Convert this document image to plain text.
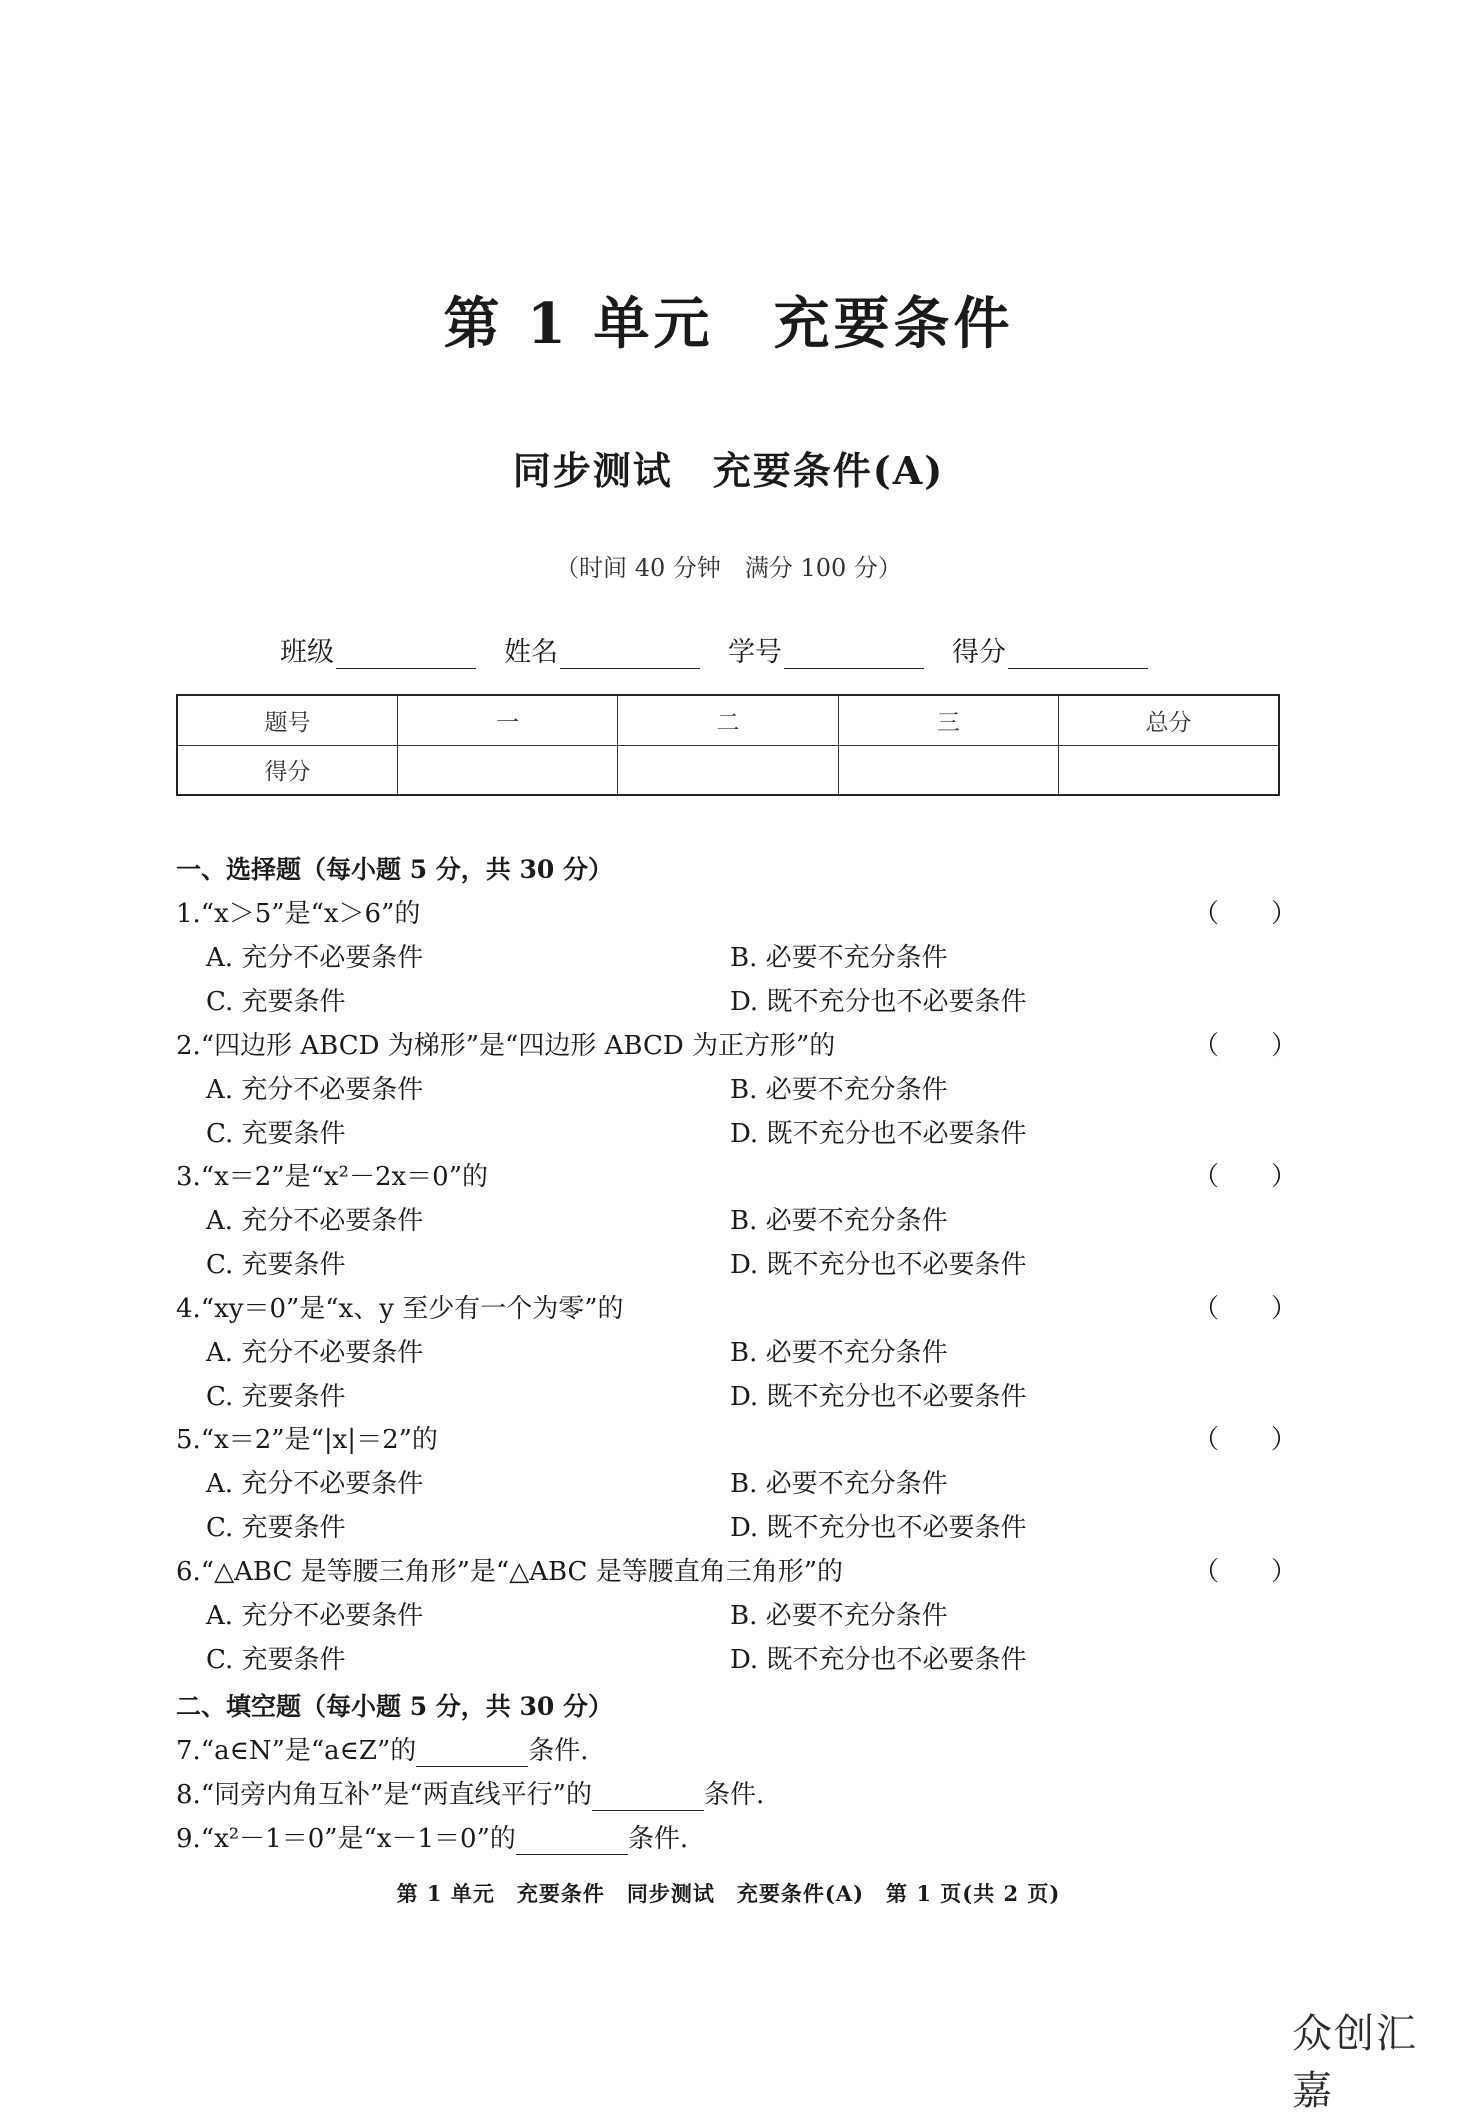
第 1 单元　充要条件
同步测试　充要条件(A)
（时间 40 分钟　满分 100 分）
班级	姓名	学号	得分
题号	一	二	三	总分
得分				
一、选择题（每小题 5 分，共 30 分）
1.“x＞5”是“x＞6”的	（　　）
A. 充分不必要条件	B. 必要不充分条件
C. 充要条件	D. 既不充分也不必要条件
2.“四边形 ABCD 为梯形”是“四边形 ABCD 为正方形”的	（　　）
A. 充分不必要条件	B. 必要不充分条件
C. 充要条件	D. 既不充分也不必要条件
3.“x＝2”是“x²－2x＝0”的	（　　）
A. 充分不必要条件	B. 必要不充分条件
C. 充要条件	D. 既不充分也不必要条件
4.“xy＝0”是“x、y 至少有一个为零”的	（　　）
A. 充分不必要条件	B. 必要不充分条件
C. 充要条件	D. 既不充分也不必要条件
5.“x＝2”是“|x|＝2”的	（　　）
A. 充分不必要条件	B. 必要不充分条件
C. 充要条件	D. 既不充分也不必要条件
6.“△ABC 是等腰三角形”是“△ABC 是等腰直角三角形”的	（　　）
A. 充分不必要条件	B. 必要不充分条件
C. 充要条件	D. 既不充分也不必要条件
二、填空题（每小题 5 分，共 30 分）
7.“a∈N”是“a∈Z”的	条件.
8.“同旁内角互补”是“两直线平行”的	条件.
9.“x²－1＝0”是“x－1＝0”的	条件.
第 1 单元　充要条件　同步测试　充要条件(A)　第 1 页(共 2 页)
众创汇嘉
